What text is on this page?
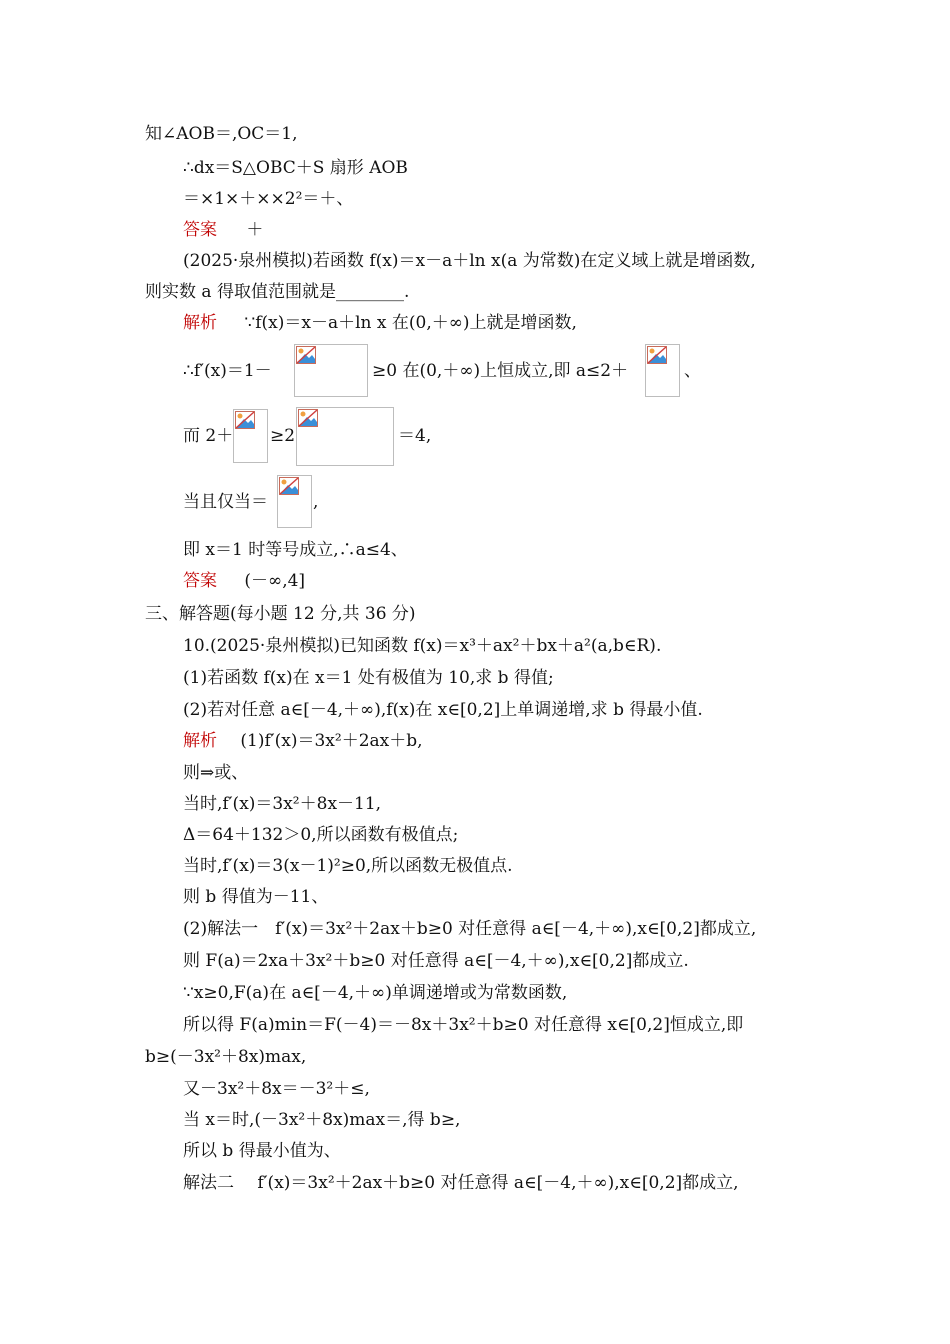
知∠AOB＝,OC＝1,
∴dx＝S△OBC＋S 扇形 AOB
＝×1×＋××2²＝＋、
答案 ＋
(2025·泉州模拟)若函数 f(x)＝x－a＋ln x(a 为常数)在定义域上就是增函数,
则实数 a 得取值范围就是________.
解析 ∵f(x)＝x－a＋ln x 在(0,＋∞)上就是增函数,
∴f′(x)＝1－	≥0 在(0,＋∞)上恒成立,即 a≤2＋	、
而 2＋ ≥2	＝4,
当且仅当＝	,
即 x＝1 时等号成立,∴a≤4、
答案 (－∞,4]
三、解答题(每小题 12 分,共 36 分)
10.(2025·泉州模拟)已知函数 f(x)＝x³＋ax²＋bx＋a²(a,b∈R).
(1)若函数 f(x)在 x＝1 处有极值为 10,求 b 得值;
(2)若对任意 a∈[－4,＋∞),f(x)在 x∈[0,2]上单调递增,求 b 得最小值.
解析 (1)f′(x)＝3x²＋2ax＋b,
则⇒或、
当时,f′(x)＝3x²＋8x－11,
Δ＝64＋132＞0,所以函数有极值点;
当时,f′(x)＝3(x－1)²≥0,所以函数无极值点.
则 b 得值为－11、
(2)解法一　f′(x)＝3x²＋2ax＋b≥0 对任意得 a∈[－4,＋∞),x∈[0,2]都成立,
则 F(a)＝2xa＋3x²＋b≥0 对任意得 a∈[－4,＋∞),x∈[0,2]都成立.
∵x≥0,F(a)在 a∈[－4,＋∞)单调递增或为常数函数,
所以得 F(a)min＝F(－4)＝－8x＋3x²＋b≥0 对任意得 x∈[0,2]恒成立,即
b≥(－3x²＋8x)max,
又－3x²＋8x＝－3²＋≤,
当 x＝时,(－3x²＋8x)max＝,得 b≥,
所以 b 得最小值为、
解法二 f′(x)＝3x²＋2ax＋b≥0 对任意得 a∈[－4,＋∞),x∈[0,2]都成立,
